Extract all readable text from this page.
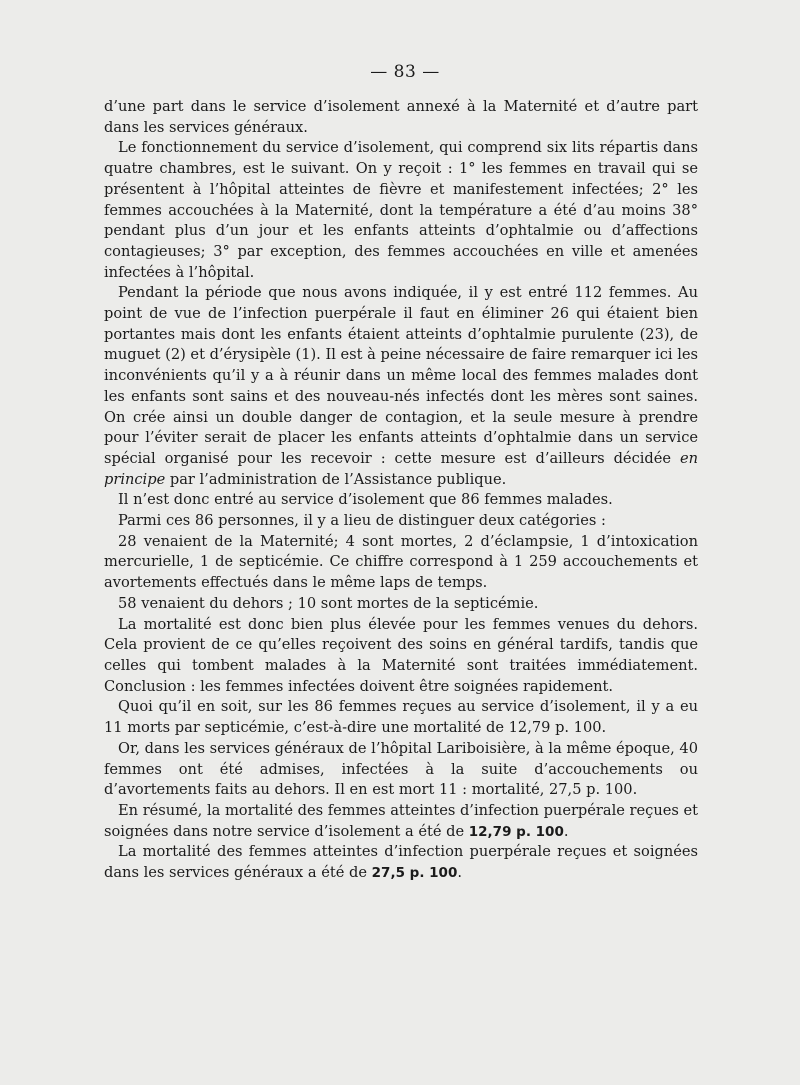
— 83 —

d’une part dans le service d’isolement annexé à la Maternité et d’autre part dans les services généraux.

Le fonctionnement du service d’isolement, qui comprend six lits répartis dans quatre chambres, est le suivant. On y reçoit : 1° les femmes en travail qui se présentent à l’hôpital atteintes de fièvre et manifestement infectées; 2° les femmes accouchées à la Maternité, dont la température a été d’au moins 38° pendant plus d’un jour et les enfants atteints d’ophtalmie ou d’affections contagieuses; 3° par exception, des femmes accouchées en ville et amenées infectées à l’hôpital.

Pendant la période que nous avons indiquée, il y est entré 112 femmes. Au point de vue de l’infection puerpérale il faut en éliminer 26 qui étaient bien portantes mais dont les enfants étaient atteints d’ophtalmie purulente (23), de muguet (2) et d’érysipèle (1). Il est à peine nécessaire de faire remarquer ici les inconvénients qu’il y a à réunir dans un même local des femmes malades dont les enfants sont sains et des nouveau-nés infectés dont les mères sont saines. On crée ainsi un double danger de contagion, et la seule mesure à prendre pour l’éviter serait de placer les enfants atteints d’ophtalmie dans un service spécial organisé pour les recevoir : cette mesure est d’ailleurs décidée en principe par l’administration de l’Assistance publique.

Il n’est donc entré au service d’isolement que 86 femmes malades.

Parmi ces 86 personnes, il y a lieu de distinguer deux catégories :

28 venaient de la Maternité; 4 sont mortes, 2 d’éclampsie, 1 d’intoxication mercurielle, 1 de septicémie. Ce chiffre correspond à 1 259 accouchements et avortements effectués dans le même laps de temps.

58 venaient du dehors ; 10 sont mortes de la septicémie.

La mortalité est donc bien plus élevée pour les femmes venues du dehors. Cela provient de ce qu’elles reçoivent des soins en général tardifs, tandis que celles qui tombent malades à la Maternité sont traitées immédiatement. Conclusion : les femmes infectées doivent être soignées rapidement.

Quoi qu’il en soit, sur les 86 femmes reçues au service d’isolement, il y a eu 11 morts par septicémie, c’est-à-dire une mortalité de 12,79 p. 100.

Or, dans les services généraux de l’hôpital Lariboisière, à la même époque, 40 femmes ont été admises, infectées à la suite d’accouchements ou d’avortements faits au dehors. Il en est mort 11 : mortalité, 27,5 p. 100.

En résumé, la mortalité des femmes atteintes d’infection puerpérale reçues et soignées dans notre service d’isolement a été de 12,79 p. 100.

La mortalité des femmes atteintes d’infection puerpérale reçues et soignées dans les services généraux a été de 27,5 p. 100.
